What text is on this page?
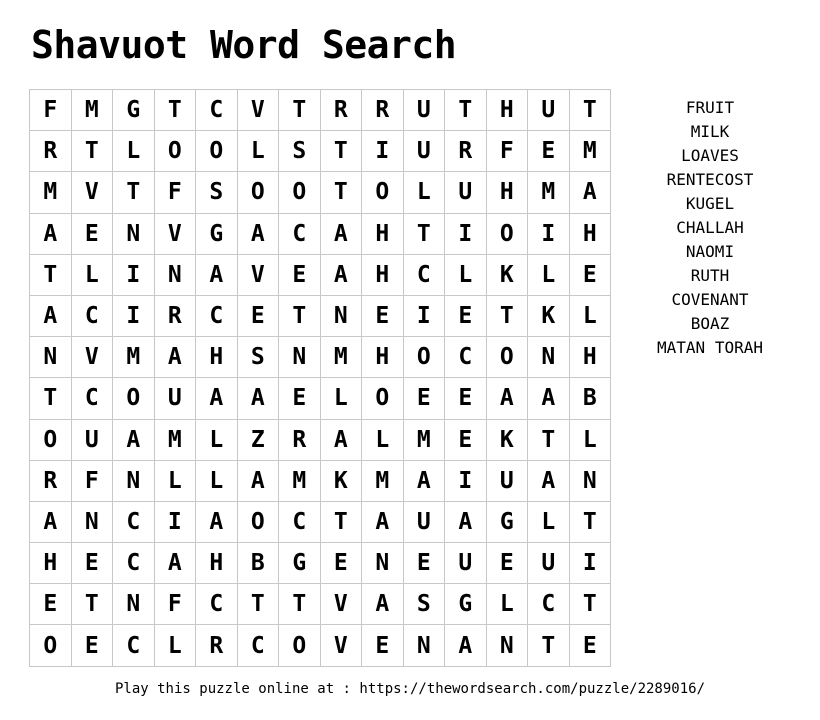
Shavuot Word Search
F	M	G	T	C	V	T	R	R	U	T	H	U	T
R	T	L	O	O	L	S	T	I	U	R	F	E	M
M	V	T	F	S	O	O	T	O	L	U	H	M	A
A	E	N	V	G	A	C	A	H	T	I	O	I	H
T	L	I	N	A	V	E	A	H	C	L	K	L	E
A	C	I	R	C	E	T	N	E	I	E	T	K	L
N	V	M	A	H	S	N	M	H	O	C	O	N	H
T	C	O	U	A	A	E	L	O	E	E	A	A	B
O	U	A	M	L	Z	R	A	L	M	E	K	T	L
R	F	N	L	L	A	M	K	M	A	I	U	A	N
A	N	C	I	A	O	C	T	A	U	A	G	L	T
H	E	C	A	H	B	G	E	N	E	U	E	U	I
E	T	N	F	C	T	T	V	A	S	G	L	C	T
O	E	C	L	R	C	O	V	E	N	A	N	T	E
FRUIT
MILK
LOAVES
RENTECOST
KUGEL
CHALLAH
NAOMI
RUTH
COVENANT
BOAZ
MATAN TORAH
Play this puzzle online at : https://thewordsearch.com/puzzle/2289016/
